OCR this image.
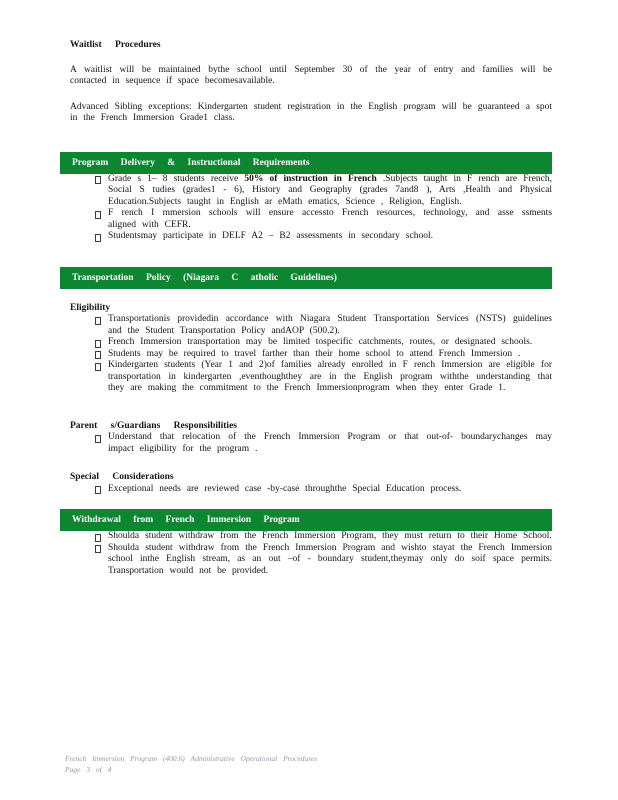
Waitlist Procedures

A waitlist will be maintained bythe school until September 30 of the year of entry and families will be contacted in sequence if space becomesavailable.

Advanced Sibling exceptions: Kindergarten student registration in the English program will be guaranteed a spot in the French Immersion Grade1 class.

Program Delivery & Instructional Requirements
Grade s 1– 8 students receive 50% of instruction in French .Subjects taught in F rench are French, Social S tudies (grades1 - 6), History and Geography (grades 7and8 ), Arts ,Health and Physical Education.Subjects taught in English ar eMath ematics, Science , Religion, English.
F rench I mmersion schools will ensure accessto French resources, technology, and asse ssments aligned with CEFR.
Studentsmay participate in DELF A2 – B2 assessments in secondary school.
Transportation Policy (Niagara C atholic Guidelines)

Eligibility

Transportationis providedin accordance with Niagara Student Transportation Services (NSTS) guidelines and the Student Transportation Policy andAOP (500.2).
French Immersion transportation may be limited tospecific catchments, routes, or designated schools.
Students may be required to travel farther than their home school to attend French Immersion .
Kindergarten students (Year 1 and 2)of families already enrolled in F rench Immersion are eligible for transportation in kindergarten ,eventhoughthey are in the English program withthe understanding that they are making the commitment to the French Immersionprogram when they enter Grade 1.

Parent s/Guardians Responsibilities

Understand that relocation of the French Immersion Program or that out-of- boundarychanges may impact eligibility for the program .

Special Considerations

Exceptional needs are reviewed case -by-case throughthe Special Education process.
Withdrawal from French Immersion Program
Shoulda student withdraw from the French Immersion Program, they must return to their Home School.
Shoulda student withdraw from the French Immersion Program and wishto stayat the French Immersion school inthe English stream, as an out –of - boundary student,theymay only do soif space permits. Transportation would not be provided.
French Immersion Program (400.6) Administrative Operational Procedures
Page 3 of 4
